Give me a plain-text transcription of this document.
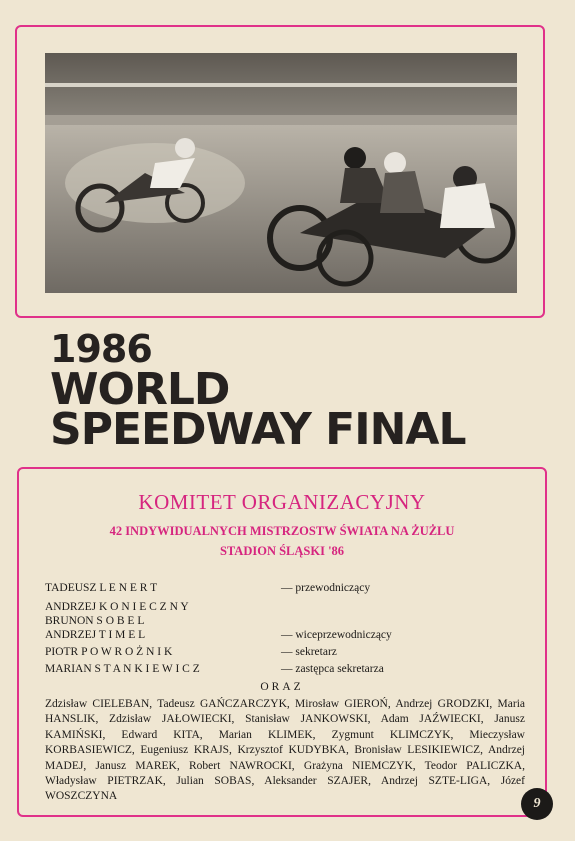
1986
WORLD
SPEEDWAY FINAL
KOMITET ORGANIZACYJNY
42 INDYWIDUALNYCH MISTRZOSTW ŚWIATA NA ŻUŻLU
STADION ŚLĄSKI '86
TADEUSZ L E N E R T	— przewodniczący
ANDRZEJ K O N I E C Z N Y
BRUNON S O B E L
ANDRZEJ T I M E L	— wiceprzewodniczący
PIOTR P O W R O Ż N I K	— sekretarz
MARIAN S T A N K I E W I C Z	— zastępca sekretarza
ORAZ
Zdzisław CIELEBAN, Tadeusz GAŃCZARCZYK, Mirosław GIEROŃ, Andrzej GRODZKI, Maria HANSLIK, Zdzisław JAŁOWIECKI, Stanisław JANKOWSKI, Adam JAŹWIECKI, Janusz KAMIŃSKI, Edward KITA, Marian KLIMEK, Zygmunt KLIMCZYK, Mieczysław KORBASIEWICZ, Eugeniusz KRAJS, Krzysztof KUDYBKA, Bronisław LESIKIEWICZ, Andrzej MADEJ, Janusz MAREK, Robert NAWROCKI, Grażyna NIEMCZYK, Teodor PALICZKA, Władysław PIETRZAK, Julian SOBAS, Aleksander SZAJER, Andrzej SZTE-LIGA, Józef WOSZCZYNA	9
